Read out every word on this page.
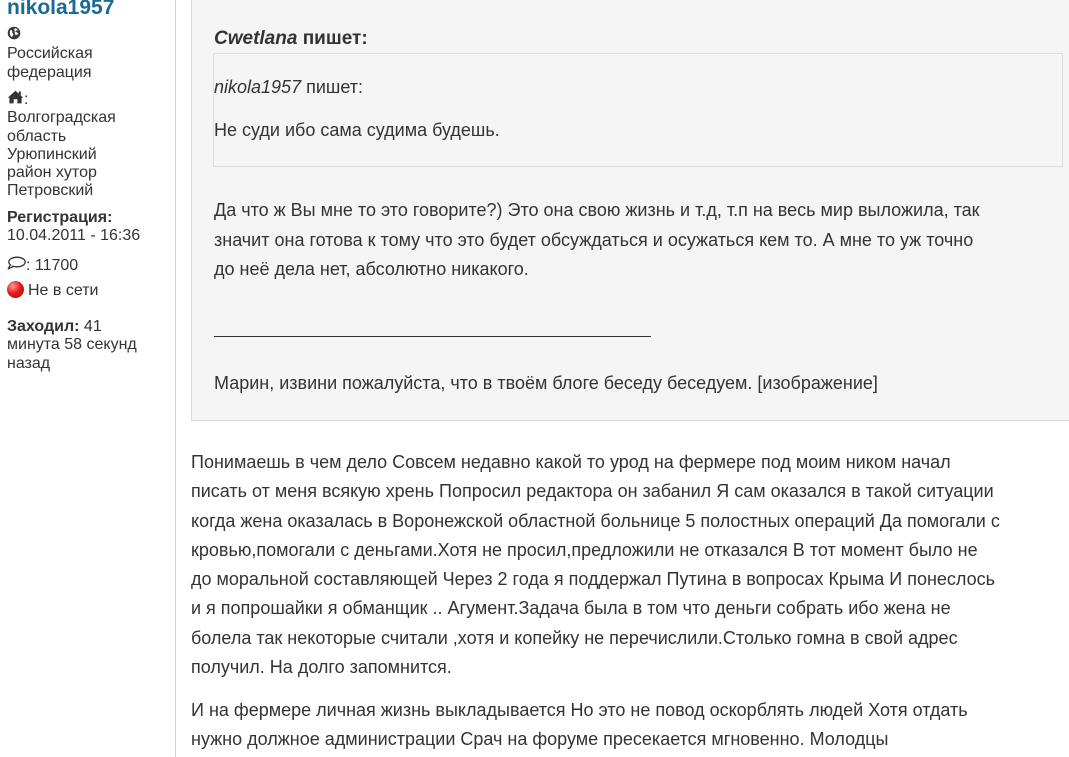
nikola1957

Российская
федерация
:
Волгоградская
область
Урюпинский
район хутор
Петровский
Регистрация:
10.04.2011 - 16:36
: 11700
Не в сети
Заходил: 41
минута 58 секунд
назад
Cwetlana пишет:
nikola1957 пишет:
Не суди ибо сама судима будешь.
Да что ж Вы мне то это говорите?) Это она свою жизнь и т.д, т.п на весь мир выложила, так
значит она готова к тому что это будет обсуждаться и осужаться кем то. А мне то уж точно
до неё дела нет, абсолютно никакого.
Марин, извини пожалуйста, что в твоём блоге беседу беседуем. [изображение]
Понимаешь в чем дело Совсем недавно какой то урод на фермере под моим ником начал
писать от меня всякую хрень Попросил редактора он забанил Я сам оказался в такой ситуации
когда жена оказалась в Воронежской областной больнице 5 полостных операций Да помогали с
кровью,помогали с деньгами.Хотя не просил,предложили не отказался В тот момент было не
до моральной составляющей Через 2 года я поддержал Путина в вопросах Крыма И понеслось
и я попрошайки я обманщик .. Агумент.Задача была в том что деньги собрать ибо жена не
болела так некоторые считали ,хотя и копейку не перечислили.Столько гомна в свой адрес
получил. На долго запомнится.
И на фермере личная жизнь выкладывается Но это не повод оскорблять людей Хотя отдать
нужно должное администрации Срач на форуме пресекается мгновенно. Молодцы
